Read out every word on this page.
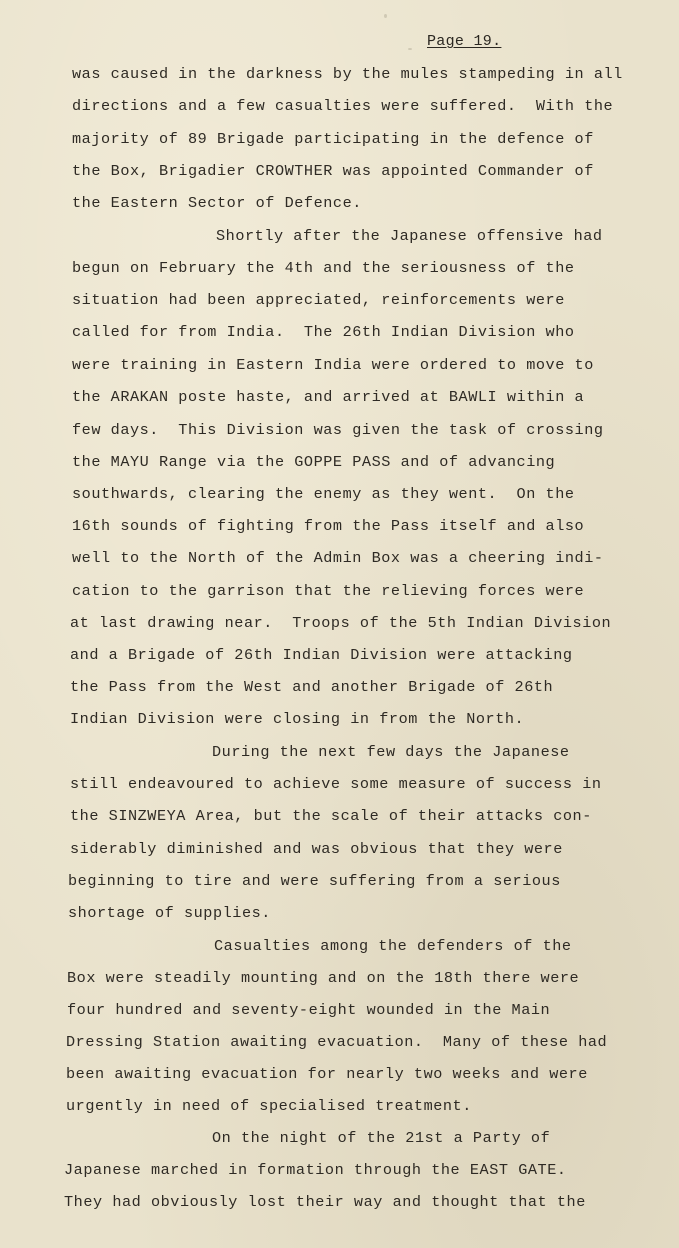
Page 19.
was caused in the darkness by the mules stampeding in all
directions and a few casualties were suffered.  With the
majority of 89 Brigade participating in the defence of
the Box, Brigadier CROWTHER was appointed Commander of
the Eastern Sector of Defence.
Shortly after the Japanese offensive had
begun on February the 4th and the seriousness of the
situation had been appreciated, reinforcements were
called for from India.  The 26th Indian Division who
were training in Eastern India were ordered to move to
the ARAKAN poste haste, and arrived at BAWLI within a
few days.  This Division was given the task of crossing
the MAYU Range via the GOPPE PASS and of advancing
southwards, clearing the enemy as they went.  On the
16th sounds of fighting from the Pass itself and also
well to the North of the Admin Box was a cheering indi-
cation to the garrison that the relieving forces were
at last drawing near.  Troops of the 5th Indian Division
and a Brigade of 26th Indian Division were attacking
the Pass from the West and another Brigade of 26th
Indian Division were closing in from the North.
During the next few days the Japanese
still endeavoured to achieve some measure of success in
the SINZWEYA Area, but the scale of their attacks con-
siderably diminished and was obvious that they were
beginning to tire and were suffering from a serious
shortage of supplies.
Casualties among the defenders of the
Box were steadily mounting and on the 18th there were
four hundred and seventy-eight wounded in the Main
Dressing Station awaiting evacuation.  Many of these had
been awaiting evacuation for nearly two weeks and were
urgently in need of specialised treatment.
On the night of the 21st a Party of
Japanese marched in formation through the EAST GATE.
They had obviously lost their way and thought that the
